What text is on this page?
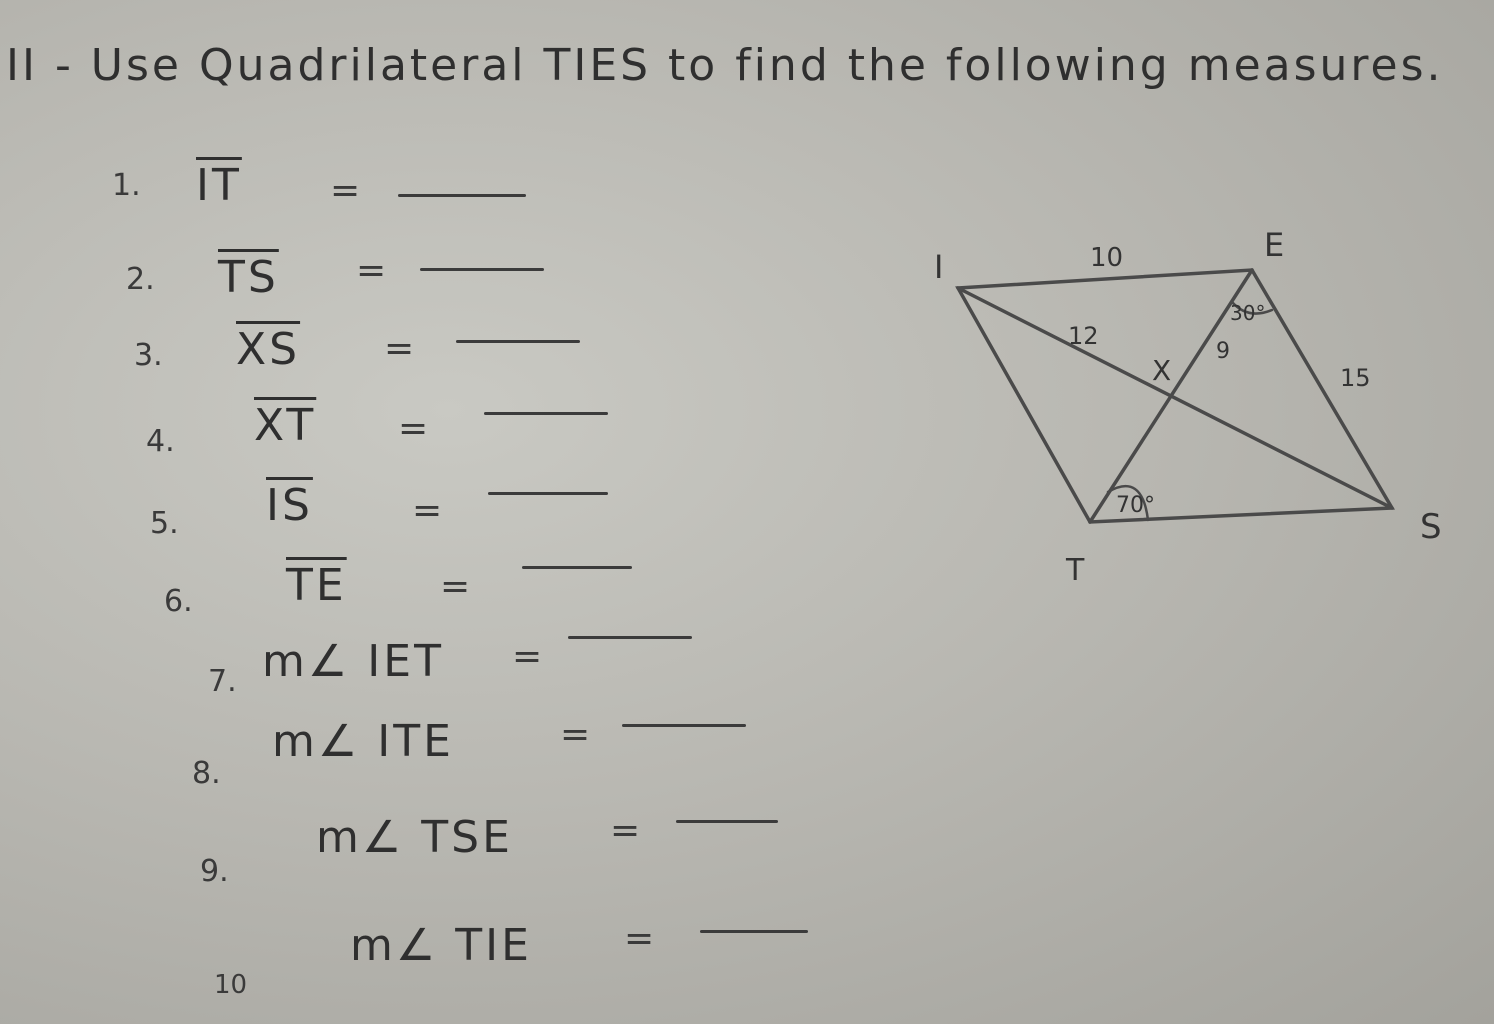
II - Use Quadrilateral TIES to find the following measures.
1. $\overline{IT}$ =
2. $\overline{TS}$ =
3. $\overline{XS}$ =
4. $\overline{XT}$ =
5. $\overline{IS}$	=
6. $\overline{TE}$	=
7. m∠ IET =
8.
m∠ ITE	=
9.
m∠ TSE	=
10
m∠ TIE	=
I
E
S
T
X
10
12
9
15
30°
70°
